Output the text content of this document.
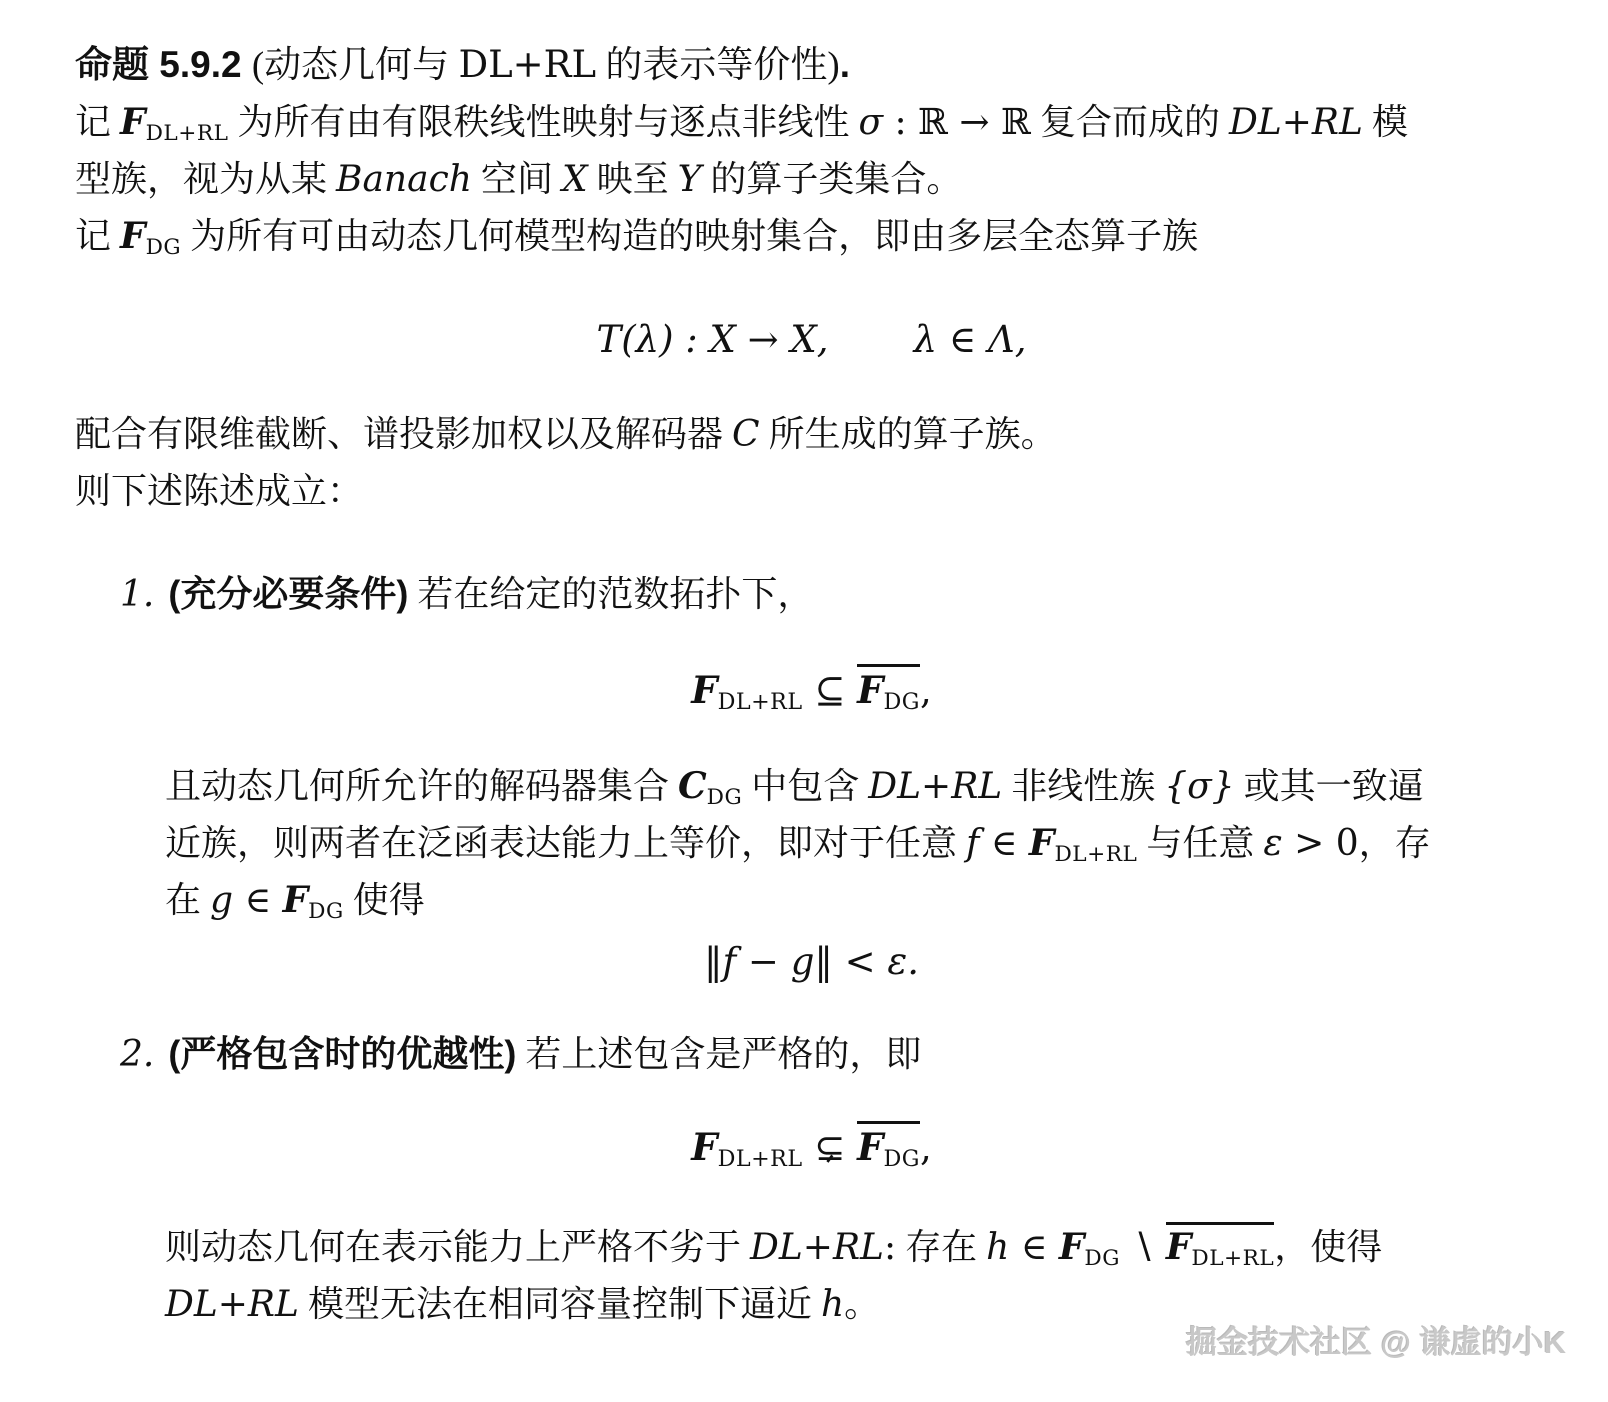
命题 5.9.2 (动态几何与 DL+RL 的表示等价性).
记 FDL+RL 为所有由有限秩线性映射与逐点非线性 σ : ℝ → ℝ 复合而成的 DL+RL 模
型族，视为从某 Banach 空间 X 映至 Y 的算子类集合。
记 FDG 为所有可由动态几何模型构造的映射集合，即由多层全态算子族
T(λ) : X → X, λ ∈ Λ,
配合有限维截断、谱投影加权以及解码器 C 所生成的算子族。
则下述陈述成立：
1. (充分必要条件) 若在给定的范数拓扑下，
FDL+RL ⊆ FDG,
且动态几何所允许的解码器集合 CDG 中包含 DL+RL 非线性族 {σ} 或其一致逼
近族，则两者在泛函表达能力上等价，即对于任意 f ∈ FDL+RL 与任意 ε > 0，存
在 g ∈ FDG 使得
‖f − g‖ < ε.
2. (严格包含时的优越性) 若上述包含是严格的，即
FDL+RL ⊊ FDG,
则动态几何在表示能力上严格不劣于 DL+RL: 存在 h ∈ FDG ∖ FDL+RL，使得
DL+RL 模型无法在相同容量控制下逼近 h。
掘金技术社区 @ 谦虚的小K
